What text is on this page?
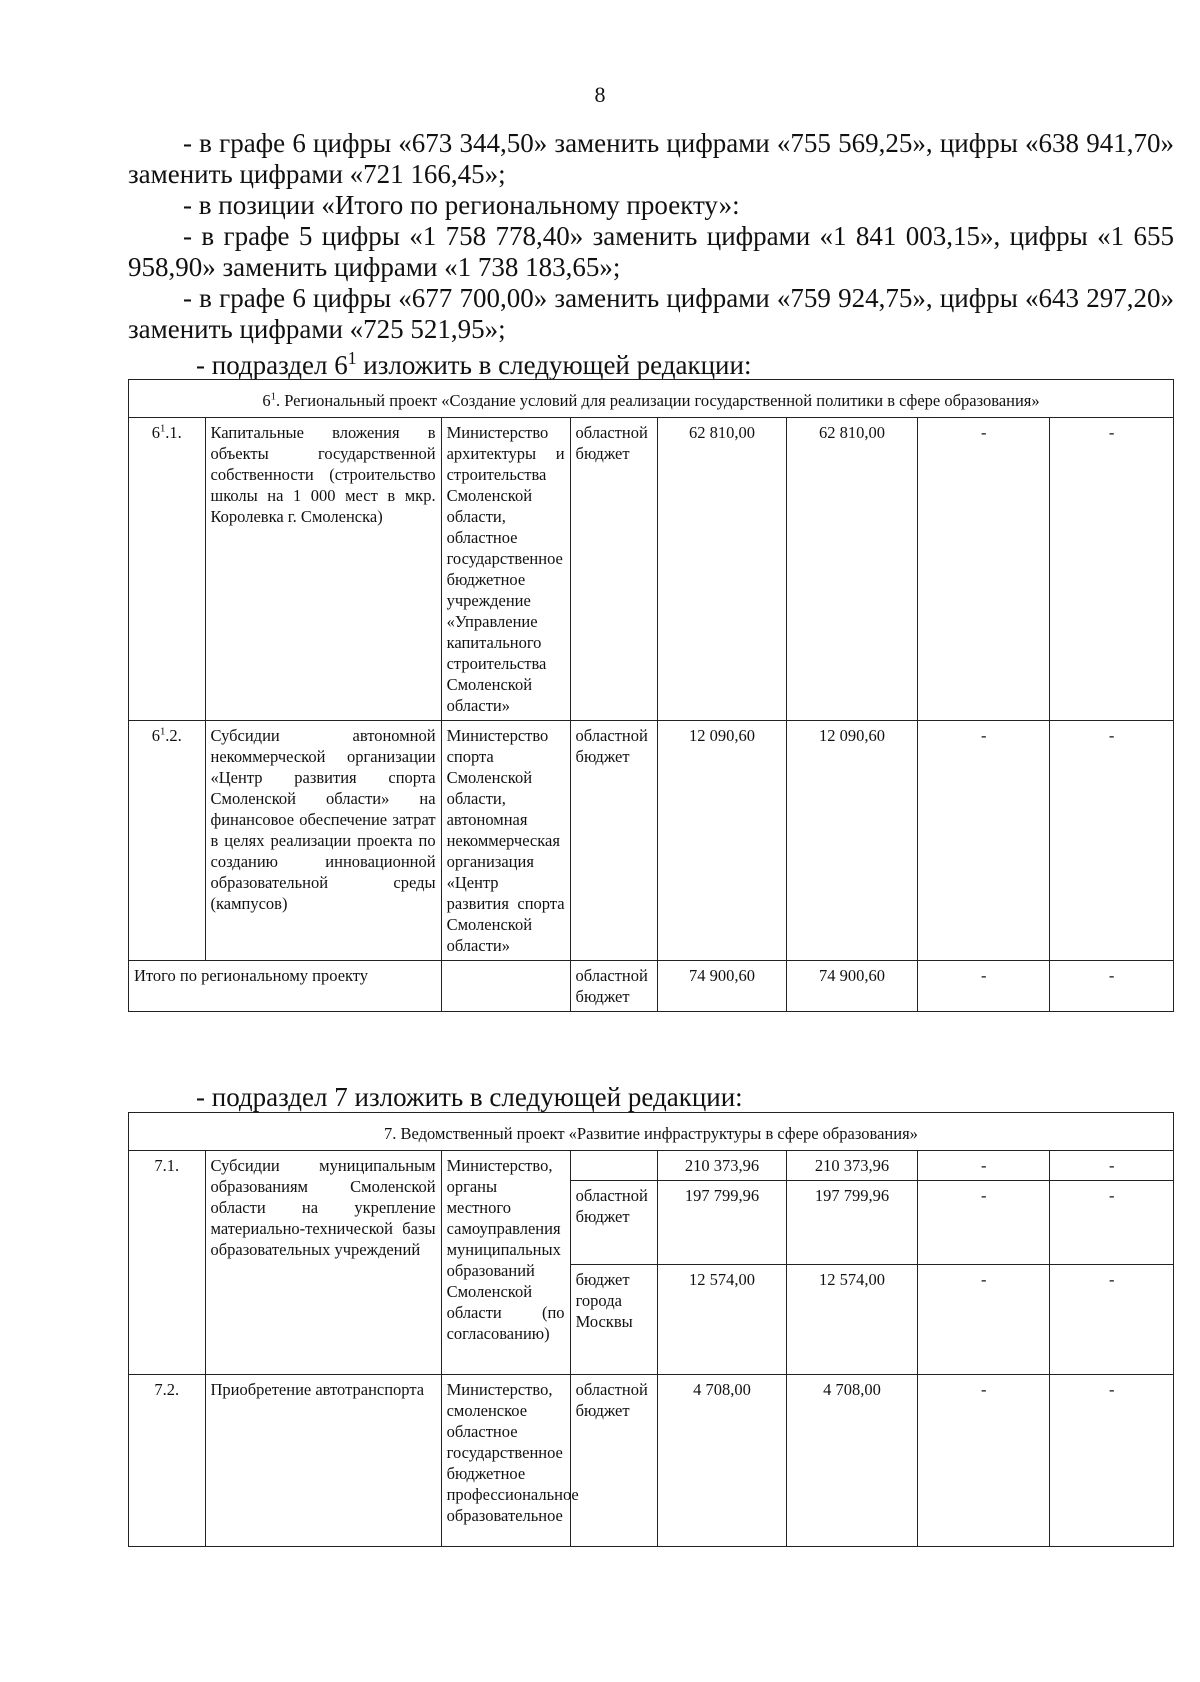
8
- в графе 6 цифры «673 344,50» заменить цифрами «755 569,25», цифры «638 941,70» заменить цифрами «721 166,45»;
- в позиции «Итого по региональному проекту»:
- в графе 5 цифры «1 758 778,40» заменить цифрами «1 841 003,15», цифры «1 655 958,90» заменить цифрами «1 738 183,65»;
- в графе 6 цифры «677 700,00» заменить цифрами «759 924,75», цифры «643 297,20» заменить цифрами «725 521,95»;
- подраздел $6^1$ изложить в следующей редакции:
$6^1$. Региональный проект «Создание условий для реализации государственной политики в сфере образования»							
$6^1.1$.	Капитальные вложения в объекты государственной собственности (строительство школы на 1 000 мест в мкр. Королевка г. Смоленска)	Министерство архитектуры и строительства Смоленской области, областное государственное бюджетное учреждение «Управление капитального строительства Смоленской области»	областной бюджет	62 810,00	62 810,00	-	-
$6^1.2$.	Субсидии автономной некоммерческой организации «Центр развития спорта Смоленской области» на финансовое обеспечение затрат в целях реализации проекта по созданию инновационной образовательной среды (кампусов)	Министерство спорта Смоленской области, автономная некоммерческая организация «Центр развития спорта Смоленской области»	областной бюджет	12 090,60	12 090,60	-	-
Итого по региональному проекту			областной бюджет	74 900,60	74 900,60	-	-
- подраздел 7 изложить в следующей редакции:
7. Ведомственный проект «Развитие инфраструктуры в сфере образования»							
7.1.	Субсидии муниципальным образованиям Смоленской области на укрепление материально-технической базы образовательных учреждений	Министерство, органы местного самоуправления муниципальных образований Смоленской области (по согласованию)		210 373,96	210 373,96	-	-
			областной бюджет	197 799,96	197 799,96	-	-
			бюджет города Москвы	12 574,00	12 574,00	-	-
7.2.	Приобретение автотранспорта	Министерство, смоленское областное государственное бюджетное профессиональное образовательное	областной бюджет	4 708,00	4 708,00	-	-
